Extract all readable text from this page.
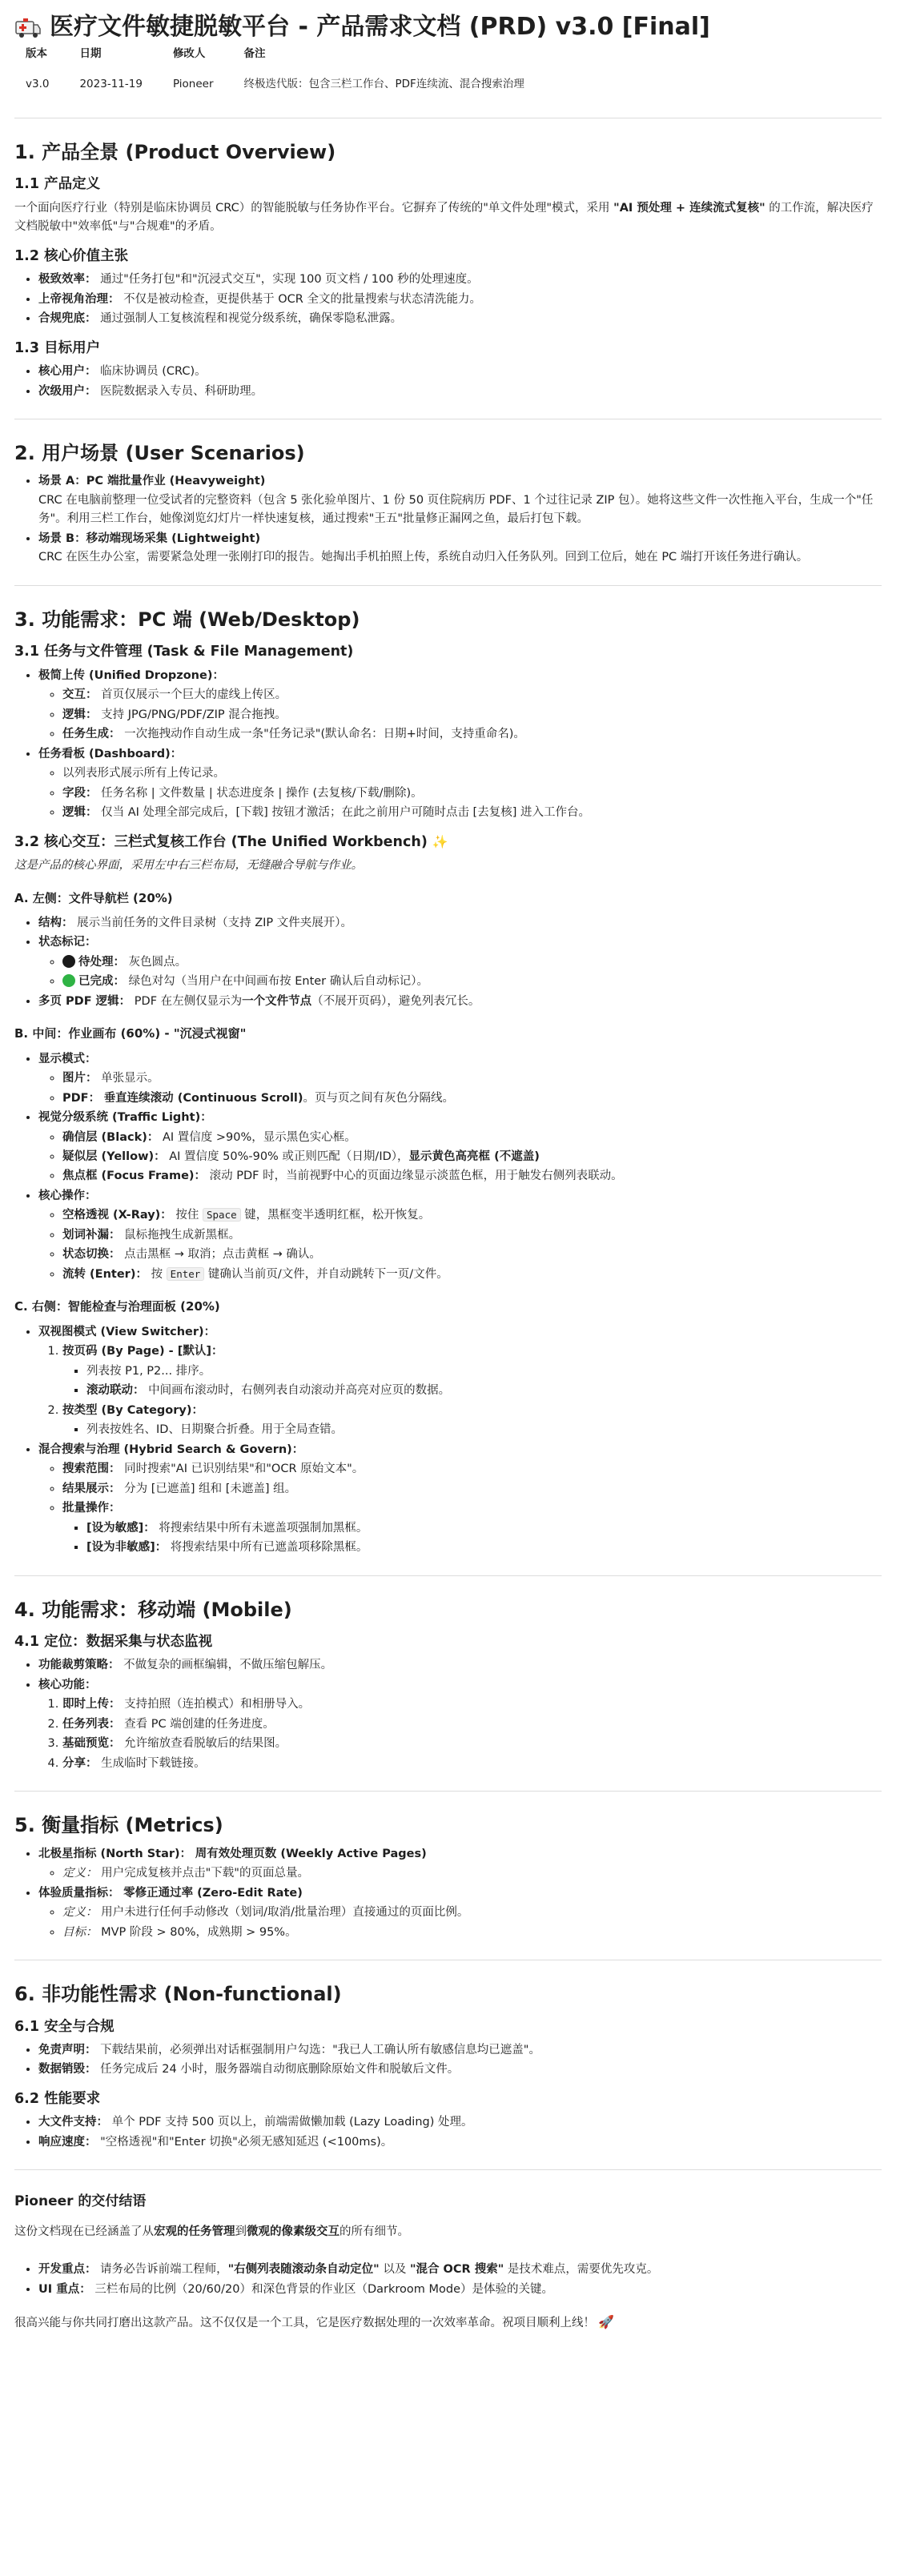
医疗文件敏捷脱敏平台 - 产品需求文档 (PRD) v3.0 [Final]
版本	日期	修改人	备注
v3.0	2023-11-19	Pioneer	终极迭代版：包含三栏工作台、PDF连续流、混合搜索治理
1. 产品全景 (Product Overview)
1.1 产品定义

一个面向医疗行业（特别是临床协调员 CRC）的智能脱敏与任务协作平台。它摒弃了传统的"单文件处理"模式，采用 "AI 预处理 + 连续流式复核" 的工作流，解决医疗文档脱敏中"效率低"与"合规难"的矛盾。

1.2 核心价值主张
• 极致效率： 通过"任务打包"和"沉浸式交互"，实现 100 页文档 / 100 秒的处理速度。
• 上帝视角治理： 不仅是被动检查，更提供基于 OCR 全文的批量搜索与状态清洗能力。
• 合规兜底： 通过强制人工复核流程和视觉分级系统，确保零隐私泄露。
1.3 目标用户
• 核心用户： 临床协调员 (CRC)。
• 次级用户： 医院数据录入专员、科研助理。
2. 用户场景 (User Scenarios)

• 场景 A：PC 端批量作业 (Heavyweight)

CRC 在电脑前整理一位受试者的完整资料（包含 5 张化验单图片、1 份 50 页住院病历 PDF、1 个过往记录 ZIP 包）。她将这些文件一次性拖入平台，生成一个"任务"。利用三栏工作台，她像浏览幻灯片一样快速复核，通过搜索"王五"批量修正漏网之鱼，最后打包下载。

• 场景 B：移动端现场采集 (Lightweight)

CRC 在医生办公室，需要紧急处理一张刚打印的报告。她掏出手机拍照上传，系统自动归入任务队列。回到工位后，她在 PC 端打开该任务进行确认。

3. 功能需求：PC 端 (Web/Desktop)
3.1 任务与文件管理 (Task & File Management)
• 极简上传 (Unified Dropzone)：
◦ 交互： 首页仅展示一个巨大的虚线上传区。
◦ 逻辑： 支持 JPG/PNG/PDF/ZIP 混合拖拽。
◦ 任务生成： 一次拖拽动作自动生成一条"任务记录"(默认命名：日期+时间，支持重命名)。
• 任务看板 (Dashboard)：
◦ 以列表形式展示所有上传记录。
◦ 字段： 任务名称 | 文件数量 | 状态进度条 | 操作 (去复核/下载/删除)。
◦ 逻辑： 仅当 AI 处理全部完成后，[下载] 按钮才激活；在此之前用户可随时点击 [去复核] 进入工作台。
3.2 核心交互：三栏式复核工作台 (The Unified Workbench) ✨

这是产品的核心界面，采用左中右三栏布局，无缝融合导航与作业。

A. 左侧：文件导航栏 (20%)
• 结构： 展示当前任务的文件目录树（支持 ZIP 文件夹展开）。
• 状态标记：
◦ 待处理： 灰色圆点。
◦ 已完成： 绿色对勾（当用户在中间画布按 Enter 确认后自动标记）。
• 多页 PDF 逻辑： PDF 在左侧仅显示为一个文件节点（不展开页码），避免列表冗长。
B. 中间：作业画布 (60%) - "沉浸式视窗"
• 显示模式：
◦ 图片： 单张显示。
◦ PDF： 垂直连续滚动 (Continuous Scroll)。页与页之间有灰色分隔线。
• 视觉分级系统 (Traffic Light)：
◦ 确信层 (Black)： AI 置信度 >90%，显示黑色实心框。
◦ 疑似层 (Yellow)： AI 置信度 50%-90% 或正则匹配（日期/ID），显示黄色高亮框 (不遮盖)
◦ 焦点框 (Focus Frame)： 滚动 PDF 时，当前视野中心的页面边缘显示淡蓝色框，用于触发右侧列表联动。
• 核心操作：
◦ 空格透视 (X-Ray)： 按住 Space 键，黑框变半透明红框，松开恢复。
◦ 划词补漏： 鼠标拖拽生成新黑框。
◦ 状态切换： 点击黑框 → 取消；点击黄框 → 确认。
◦ 流转 (Enter)： 按 Enter 键确认当前页/文件，并自动跳转下一页/文件。
C. 右侧：智能检查与治理面板 (20%)
• 双视图模式 (View Switcher)：
1. 按页码 (By Page) - [默认]：
▪ 列表按 P1, P2... 排序。
▪ 滚动联动： 中间画布滚动时，右侧列表自动滚动并高亮对应页的数据。
2. 按类型 (By Category)：
▪ 列表按姓名、ID、日期聚合折叠。用于全局查错。
• 混合搜索与治理 (Hybrid Search & Govern)：
◦ 搜索范围： 同时搜索"AI 已识别结果"和"OCR 原始文本"。
◦ 结果展示： 分为 [已遮盖] 组和 [未遮盖] 组。
◦ 批量操作：
▪ [设为敏感]： 将搜索结果中所有未遮盖项强制加黑框。
▪ [设为非敏感]： 将搜索结果中所有已遮盖项移除黑框。
4. 功能需求：移动端 (Mobile)
4.1 定位：数据采集与状态监视
• 功能裁剪策略： 不做复杂的画框编辑，不做压缩包解压。
• 核心功能：
1. 即时上传： 支持拍照（连拍模式）和相册导入。
2. 任务列表： 查看 PC 端创建的任务进度。
3. 基础预览： 允许缩放查看脱敏后的结果图。
4. 分享： 生成临时下载链接。
5. 衡量指标 (Metrics)
• 北极星指标 (North Star)： 周有效处理页数 (Weekly Active Pages)
◦ 定义： 用户完成复核并点击"下载"的页面总量。
• 体验质量指标： 零修正通过率 (Zero-Edit Rate)
◦ 定义： 用户未进行任何手动修改（划词/取消/批量治理）直接通过的页面比例。
◦ 目标： MVP 阶段 > 80%，成熟期 > 95%。
6. 非功能性需求 (Non-functional)
6.1 安全与合规
• 免责声明： 下载结果前，必须弹出对话框强制用户勾选："我已人工确认所有敏感信息均已遮盖"。
• 数据销毁： 任务完成后 24 小时，服务器端自动彻底删除原始文件和脱敏后文件。
6.2 性能要求
• 大文件支持： 单个 PDF 支持 500 页以上，前端需做懒加载 (Lazy Loading) 处理。
• 响应速度： "空格透视"和"Enter 切换"必须无感知延迟 (<100ms)。
Pioneer 的交付结语

这份文档现在已经涵盖了从宏观的任务管理到微观的像素级交互的所有细节。

• 开发重点： 请务必告诉前端工程师，"右侧列表随滚动条自动定位" 以及 "混合 OCR 搜索" 是技术难点，需要优先攻克。
• UI 重点： 三栏布局的比例（20/60/20）和深色背景的作业区（Darkroom Mode）是体验的关键。

很高兴能与你共同打磨出这款产品。这不仅仅是一个工具，它是医疗数据处理的一次效率革命。祝项目顺利上线！ 🚀
